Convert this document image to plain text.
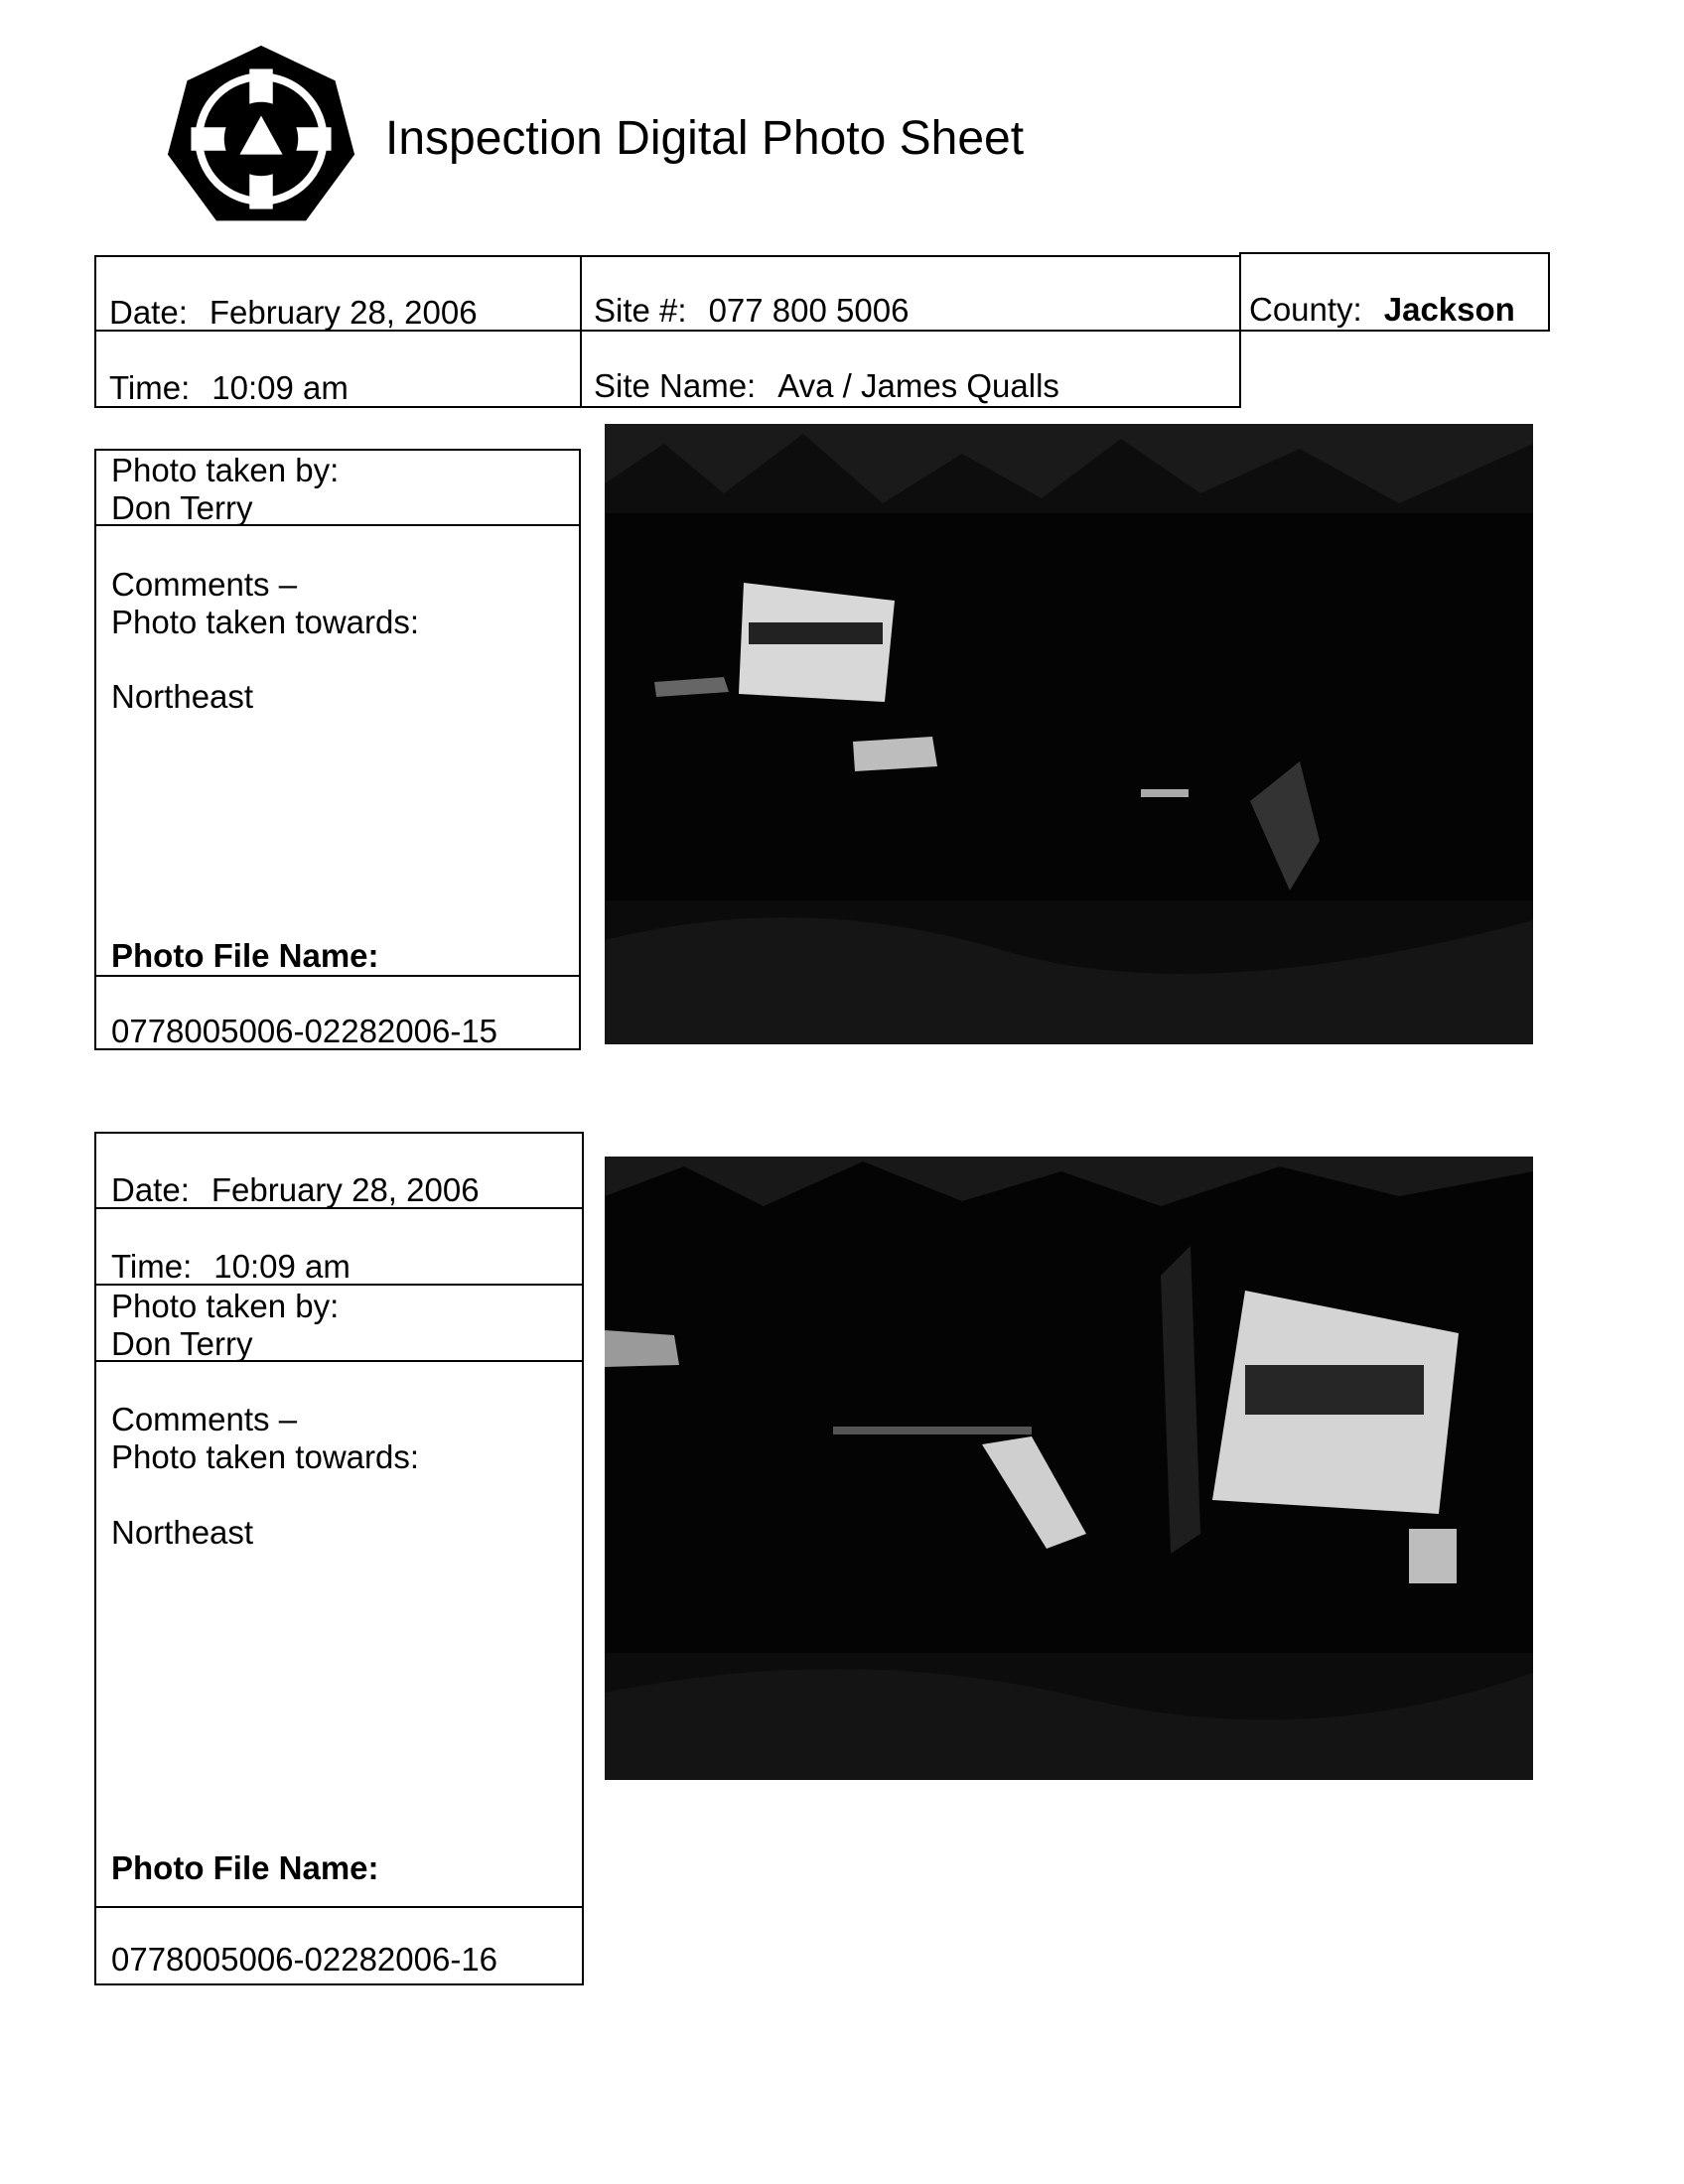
Inspection Digital Photo Sheet
Date: February 28, 2006
Time: 10:09 am
Site #: 077 800 5006
Site Name: Ava / James Qualls
County: Jackson
Photo taken by:
Don Terry
Comments –
Photo taken towards:
Northeast
Photo File Name:
0778005006-02282006-15
Date: February 28, 2006
Time: 10:09 am
Photo taken by:
Don Terry
Comments –
Photo taken towards:
Northeast
Photo File Name:
0778005006-02282006-16
